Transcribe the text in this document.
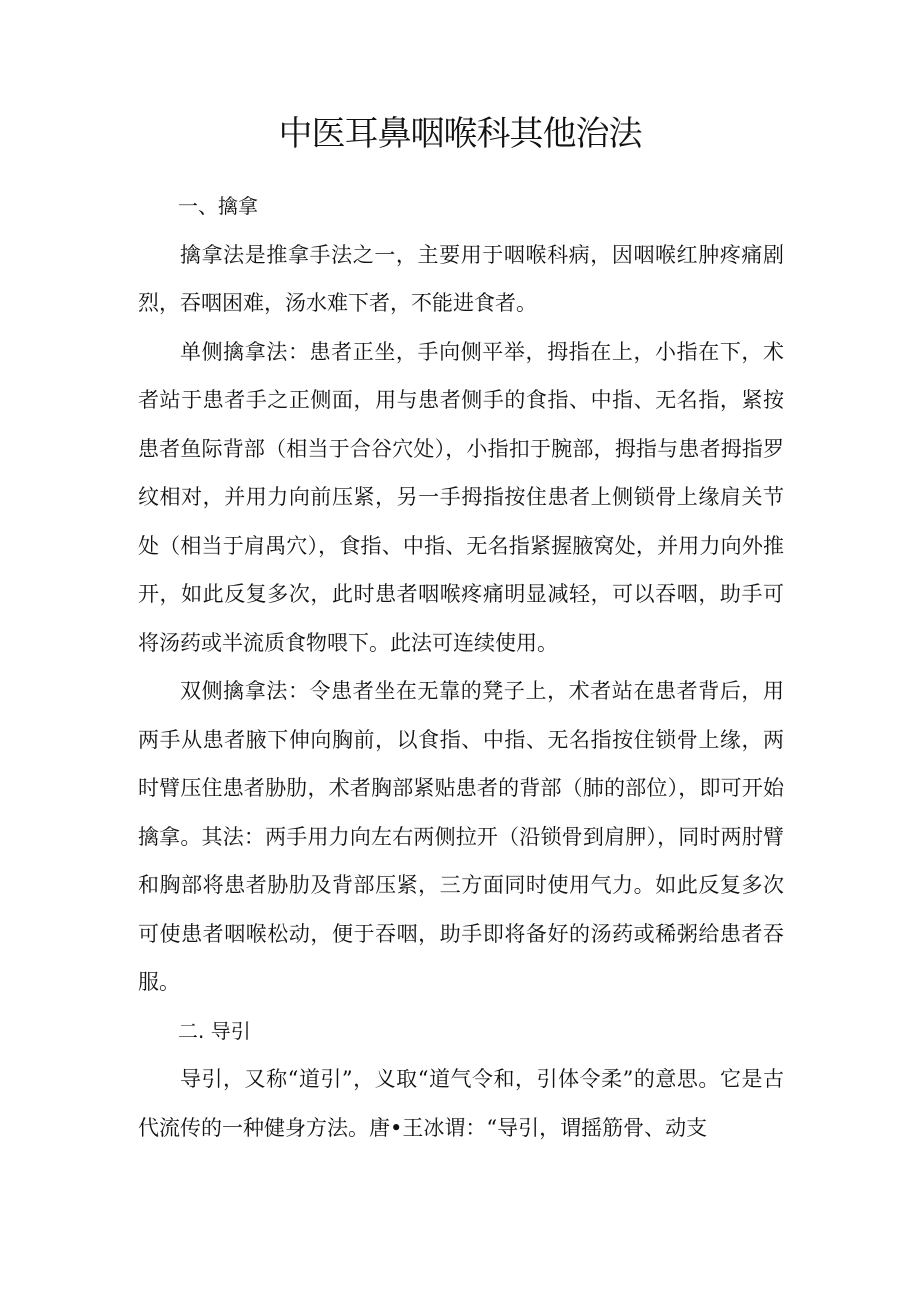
中医耳鼻咽喉科其他治法

一、擒拿

擒拿法是推拿手法之一，主要用于咽喉科病，因咽喉红肿疼痛剧烈，吞咽困难，汤水难下者，不能进食者。

单侧擒拿法：患者正坐，手向侧平举，拇指在上，小指在下，术者站于患者手之正侧面，用与患者侧手的食指、中指、无名指，紧按患者鱼际背部（相当于合谷穴处），小指扣于腕部，拇指与患者拇指罗纹相对，并用力向前压紧，另一手拇指按住患者上侧锁骨上缘肩关节处（相当于肩禺穴），食指、中指、无名指紧握腋窝处，并用力向外推开，如此反复多次，此时患者咽喉疼痛明显减轻，可以吞咽，助手可将汤药或半流质食物喂下。此法可连续使用。

双侧擒拿法：令患者坐在无靠的凳子上，术者站在患者背后，用两手从患者腋下伸向胸前，以食指、中指、无名指按住锁骨上缘，两时臂压住患者胁肋，术者胸部紧贴患者的背部（肺的部位），即可开始擒拿。其法：两手用力向左右两侧拉开（沿锁骨到肩胛），同时两肘臂和胸部将患者胁肋及背部压紧，三方面同时使用气力。如此反复多次可使患者咽喉松动，便于吞咽，助手即将备好的汤药或稀粥给患者吞服。

二. 导引

导引，又称“道引”，义取“道气令和，引体令柔”的意思。它是古代流传的一种健身方法。唐•王冰谓：“导引，谓摇筋骨、动支
